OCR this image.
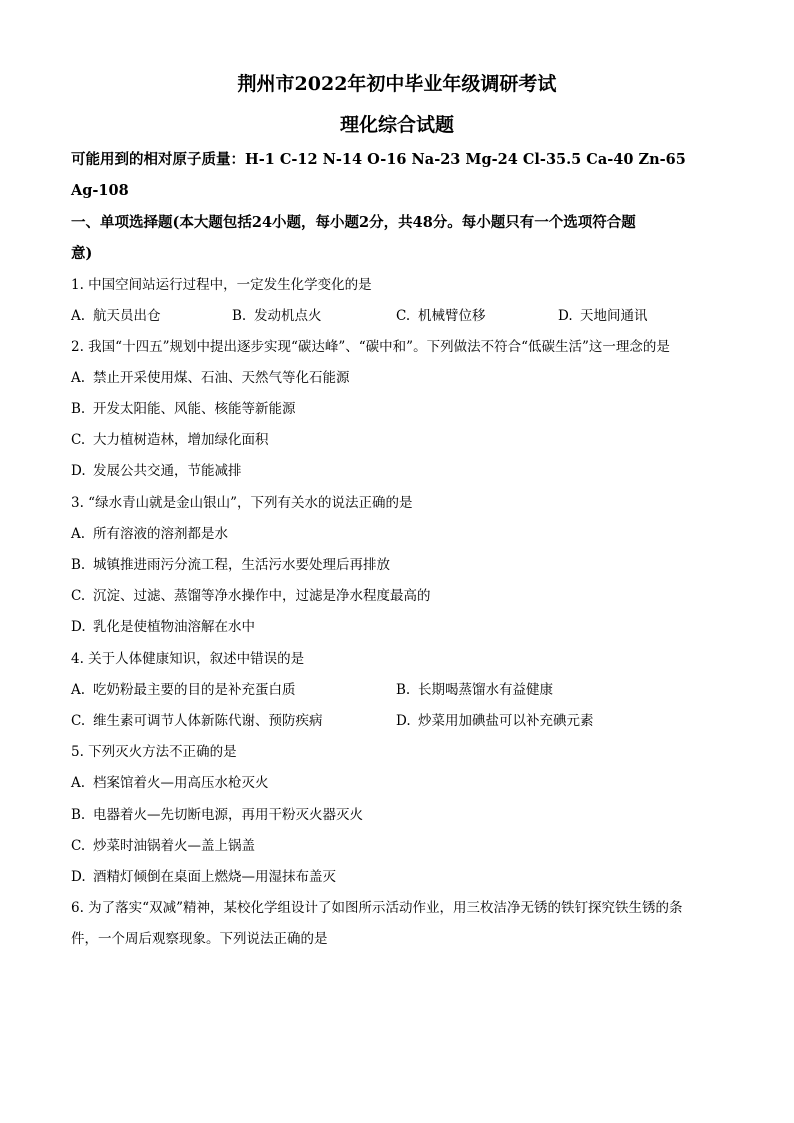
荆州市2022年初中毕业年级调研考试
理化综合试题
可能用到的相对原子质量：H-1 C-12 N-14 O-16 Na-23 Mg-24 Cl-35.5 Ca-40 Zn-65
Ag-108
一、单项选择题(本大题包括24小题，每小题2分，共48分。每小题只有一个选项符合题
意)
1. 中国空间站运行过程中，一定发生化学变化的是
A. 航天员出仓	B. 发动机点火	C. 机械臂位移	D. 天地间通讯
2. 我国“十四五”规划中提出逐步实现“碳达峰”、“碳中和”。下列做法不符合“低碳生活”这一理念的是
A. 禁止开采使用煤、石油、天然气等化石能源
B. 开发太阳能、风能、核能等新能源
C. 大力植树造林，增加绿化面积
D. 发展公共交通，节能减排
3. “绿水青山就是金山银山”，下列有关水的说法正确的是
A. 所有溶液的溶剂都是水
B. 城镇推进雨污分流工程，生活污水要处理后再排放
C. 沉淀、过滤、蒸馏等净水操作中，过滤是净水程度最高的
D. 乳化是使植物油溶解在水中
4. 关于人体健康知识，叙述中错误的是
A. 吃奶粉最主要的目的是补充蛋白质	B. 长期喝蒸馏水有益健康
C. 维生素可调节人体新陈代谢、预防疾病	D. 炒菜用加碘盐可以补充碘元素
5. 下列灭火方法不正确的是
A. 档案馆着火—用高压水枪灭火
B. 电器着火—先切断电源，再用干粉灭火器灭火
C. 炒菜时油锅着火—盖上锅盖
D. 酒精灯倾倒在桌面上燃烧—用湿抹布盖灭
6. 为了落实“双减”精神，某校化学组设计了如图所示活动作业，用三枚洁净无锈的铁钉探究铁生锈的条
件，一个周后观察现象。下列说法正确的是
